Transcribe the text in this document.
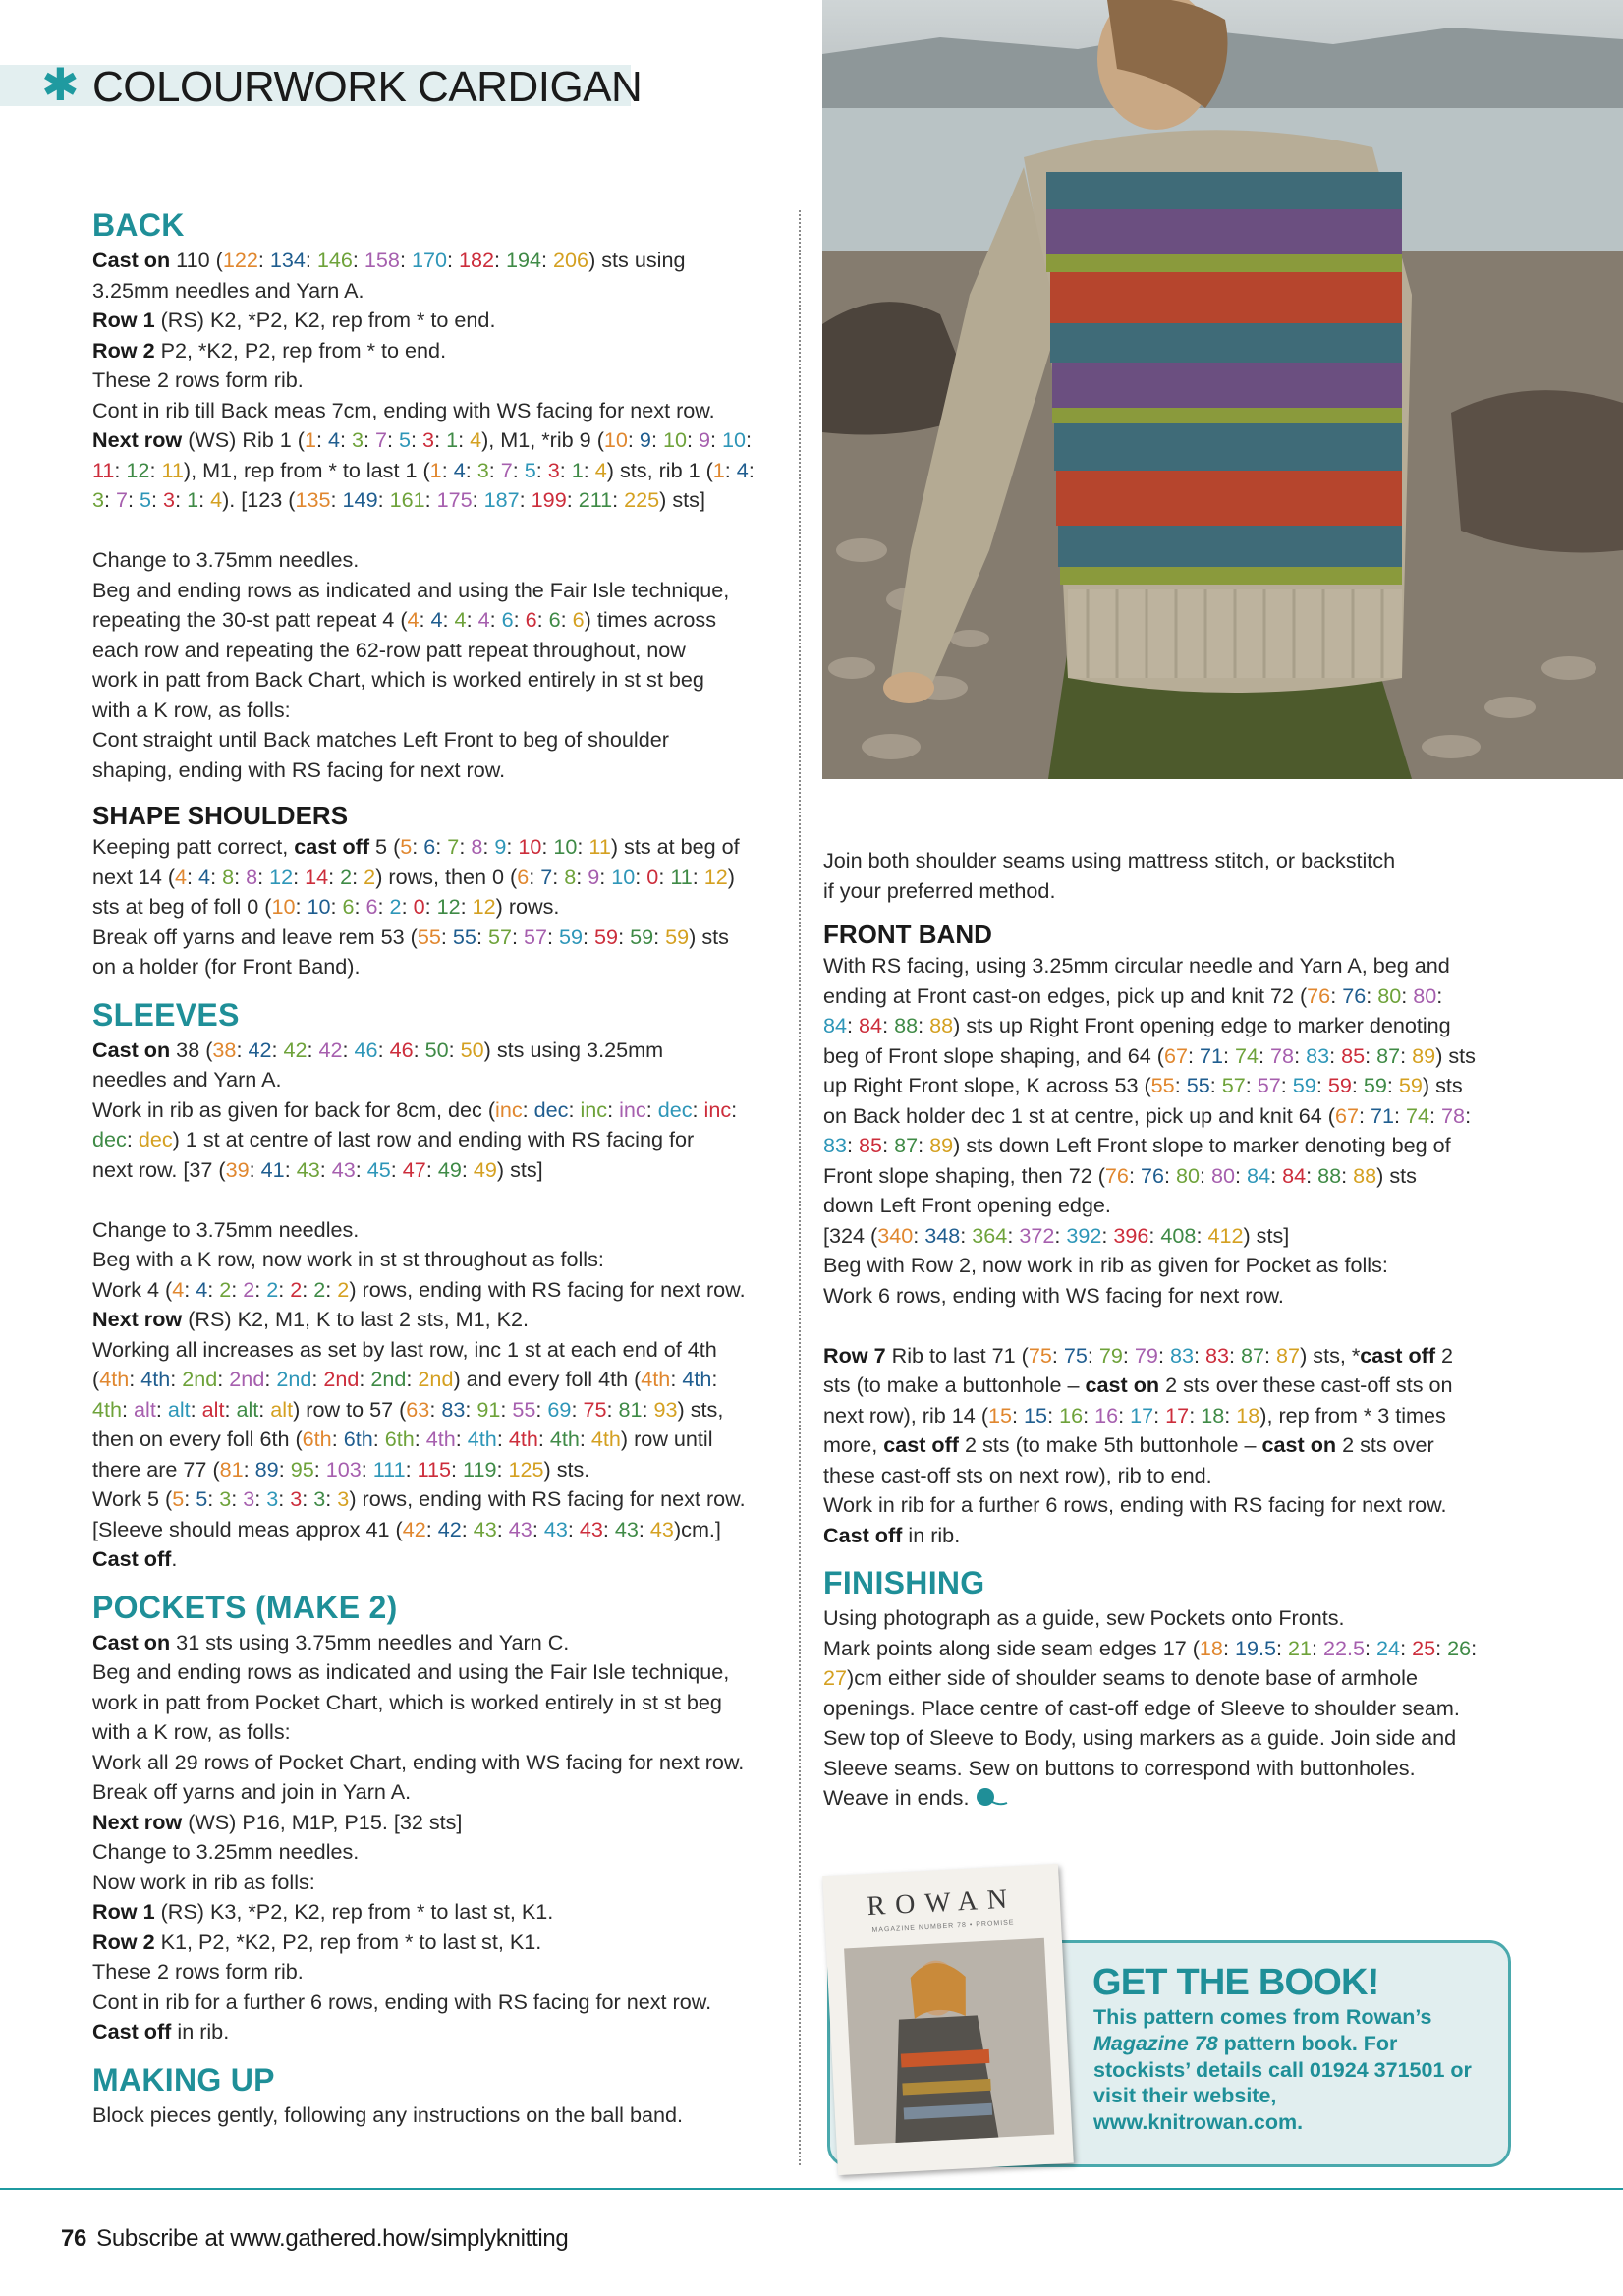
✱ COLOURWORK CARDIGAN
BACK

Cast on 110 (122: 134: 146: 158: 170: 182: 194: 206) sts using

3.25mm needles and Yarn A.

Row 1 (RS) K2, *P2, K2, rep from * to end.

Row 2 P2, *K2, P2, rep from * to end.

These 2 rows form rib.

Cont in rib till Back meas 7cm, ending with WS facing for next row.

Next row (WS) Rib 1 (1: 4: 3: 7: 5: 3: 1: 4), M1, *rib 9 (10: 9: 10: 9: 10:

11: 12: 11), M1, rep from * to last 1 (1: 4: 3: 7: 5: 3: 1: 4) sts, rib 1 (1: 4:

3: 7: 5: 3: 1: 4). [123 (135: 149: 161: 175: 187: 199: 211: 225) sts]

Change to 3.75mm needles.

Beg and ending rows as indicated and using the Fair Isle technique,

repeating the 30-st patt repeat 4 (4: 4: 4: 4: 6: 6: 6: 6) times across

each row and repeating the 62-row patt repeat throughout, now

work in patt from Back Chart, which is worked entirely in st st beg

with a K row, as folls:

Cont straight until Back matches Left Front to beg of shoulder

shaping, ending with RS facing for next row.

SHAPE SHOULDERS

Keeping patt correct, cast off 5 (5: 6: 7: 8: 9: 10: 10: 11) sts at beg of

next 14 (4: 4: 8: 8: 12: 14: 2: 2) rows, then 0 (6: 7: 8: 9: 10: 0: 11: 12)

sts at beg of foll 0 (10: 10: 6: 6: 2: 0: 12: 12) rows.

Break off yarns and leave rem 53 (55: 55: 57: 57: 59: 59: 59: 59) sts

on a holder (for Front Band).

SLEEVES

Cast on 38 (38: 42: 42: 42: 46: 46: 50: 50) sts using 3.25mm

needles and Yarn A.

Work in rib as given for back for 8cm, dec (inc: dec: inc: inc: dec: inc:

dec: dec) 1 st at centre of last row and ending with RS facing for

next row. [37 (39: 41: 43: 43: 45: 47: 49: 49) sts]

Change to 3.75mm needles.

Beg with a K row, now work in st st throughout as folls:

Work 4 (4: 4: 2: 2: 2: 2: 2: 2) rows, ending with RS facing for next row.

Next row (RS) K2, M1, K to last 2 sts, M1, K2.

Working all increases as set by last row, inc 1 st at each end of 4th

(4th: 4th: 2nd: 2nd: 2nd: 2nd: 2nd: 2nd) and every foll 4th (4th: 4th:

4th: alt: alt: alt: alt: alt) row to 57 (63: 83: 91: 55: 69: 75: 81: 93) sts,

then on every foll 6th (6th: 6th: 6th: 4th: 4th: 4th: 4th: 4th) row until

there are 77 (81: 89: 95: 103: 111: 115: 119: 125) sts.

Work 5 (5: 5: 3: 3: 3: 3: 3: 3) rows, ending with RS facing for next row.

[Sleeve should meas approx 41 (42: 42: 43: 43: 43: 43: 43: 43)cm.]

Cast off.

POCKETS (MAKE 2)

Cast on 31 sts using 3.75mm needles and Yarn C.

Beg and ending rows as indicated and using the Fair Isle technique,

work in patt from Pocket Chart, which is worked entirely in st st beg

with a K row, as folls:

Work all 29 rows of Pocket Chart, ending with WS facing for next row.

Break off yarns and join in Yarn A.

Next row (WS) P16, M1P, P15. [32 sts]

Change to 3.25mm needles.

Now work in rib as folls:

Row 1 (RS) K3, *P2, K2, rep from * to last st, K1.

Row 2 K1, P2, *K2, P2, rep from * to last st, K1.

These 2 rows form rib.

Cont in rib for a further 6 rows, ending with RS facing for next row.

Cast off in rib.

MAKING UP

Block pieces gently, following any instructions on the ball band.

Join both shoulder seams using mattress stitch, or backstitch

if your preferred method.

FRONT BAND

With RS facing, using 3.25mm circular needle and Yarn A, beg and

ending at Front cast-on edges, pick up and knit 72 (76: 76: 80: 80:

84: 84: 88: 88) sts up Right Front opening edge to marker denoting

beg of Front slope shaping, and 64 (67: 71: 74: 78: 83: 85: 87: 89) sts

up Right Front slope, K across 53 (55: 55: 57: 57: 59: 59: 59: 59) sts

on Back holder dec 1 st at centre, pick up and knit 64 (67: 71: 74: 78:

83: 85: 87: 89) sts down Left Front slope to marker denoting beg of

Front slope shaping, then 72 (76: 76: 80: 80: 84: 84: 88: 88) sts

down Left Front opening edge.

[324 (340: 348: 364: 372: 392: 396: 408: 412) sts]

Beg with Row 2, now work in rib as given for Pocket as folls:

Work 6 rows, ending with WS facing for next row.

Row 7 Rib to last 71 (75: 75: 79: 79: 83: 83: 87: 87) sts, *cast off 2

sts (to make a buttonhole – cast on 2 sts over these cast-off sts on

next row), rib 14 (15: 15: 16: 16: 17: 17: 18: 18), rep from * 3 times

more, cast off 2 sts (to make 5th buttonhole – cast on 2 sts over

these cast-off sts on next row), rib to end.

Work in rib for a further 6 rows, ending with RS facing for next row.

Cast off in rib.

FINISHING

Using photograph as a guide, sew Pockets onto Fronts.

Mark points along side seam edges 17 (18: 19.5: 21: 22.5: 24: 25: 26:

27)cm either side of shoulder seams to denote base of armhole

openings. Place centre of cast-off edge of Sleeve to shoulder seam.

Sew top of Sleeve to Body, using markers as a guide. Join side and

Sleeve seams. Sew on buttons to correspond with buttonholes.

Weave in ends.

ROWAN
MAGAZINE NUMBER 78 • PROMISE
GET THE BOOK!
This pattern comes from Rowan’s Magazine 78 pattern book. For stockists’ details call 01924 371501 or visit their website, www.knitrowan.com.
76 Subscribe at www.gathered.how/simplyknitting
